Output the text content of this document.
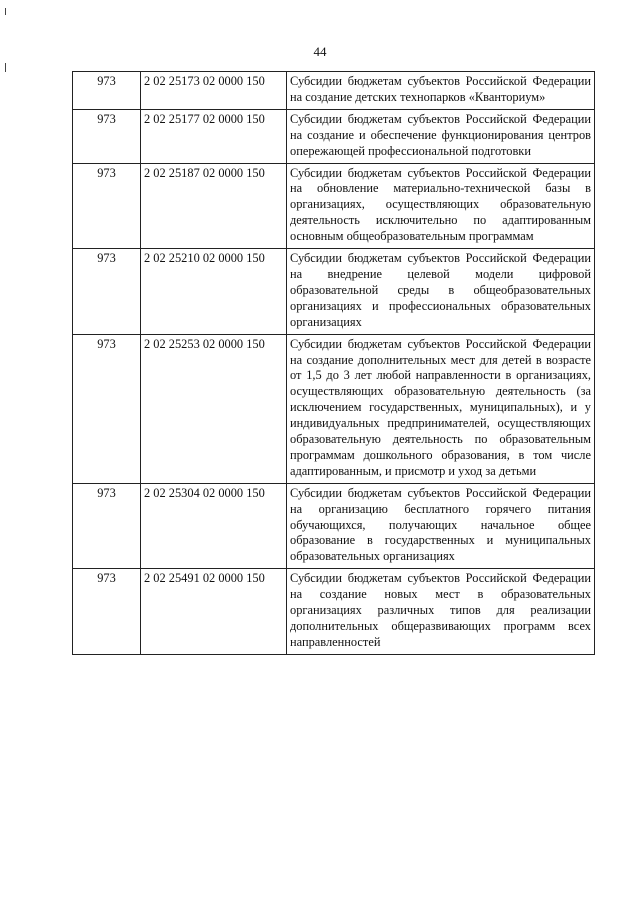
44
973	2 02 25173 02 0000 150	Субсидии бюджетам субъектов Российской Федерации на создание детских технопарков «Кванториум»
973	2 02 25177 02 0000 150	Субсидии бюджетам субъектов Российской Федерации на создание и обеспечение функционирования центров опережающей профессиональной подготовки
973	2 02 25187 02 0000 150	Субсидии бюджетам субъектов Российской Федерации на обновление материально-технической базы в организациях, осуществляющих образовательную деятельность исключительно по адаптированным основным общеобразовательным программам
973	2 02 25210 02 0000 150	Субсидии бюджетам субъектов Российской Федерации на внедрение целевой модели цифровой образовательной среды в общеобразовательных организациях и профессиональных образовательных организациях
973	2 02 25253 02 0000 150	Субсидии бюджетам субъектов Российской Федерации на создание дополнительных мест для детей в возрасте от 1,5 до 3 лет любой направленности в организациях, осуществляющих образовательную деятельность (за исключением государственных, муниципальных), и у индивидуальных предпринимателей, осуществляющих образовательную деятельность по образовательным программам дошкольного образования, в том числе адаптированным, и присмотр и уход за детьми
973	2 02 25304 02 0000 150	Субсидии бюджетам субъектов Российской Федерации на организацию бесплатного горячего питания обучающихся, получающих начальное общее образование в государственных и муниципальных образовательных организациях
973	2 02 25491 02 0000 150	Субсидии бюджетам субъектов Российской Федерации на создание новых мест в образовательных организациях различных типов для реализации дополнительных общеразвивающих программ всех направленностей
